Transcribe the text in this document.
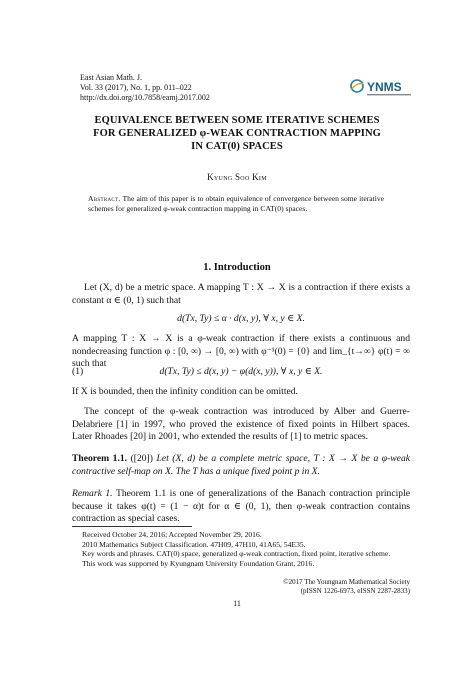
East Asian Math. J.
Vol. 33 (2017), No. 1, pp. 011–022
http://dx.doi.org/10.7858/eamj.2017.002
YNMS
EQUIVALENCE BETWEEN SOME ITERATIVE SCHEMES
FOR GENERALIZED φ-WEAK CONTRACTION MAPPING
IN CAT(0) SPACES
Kyung Soo Kim
Abstract. The aim of this paper is to obtain equivalence of convergence between some iterative schemes for generalized φ-weak contraction mapping in CAT(0) spaces.
1. Introduction
Let (X, d) be a metric space. A mapping T : X → X is a contraction if there exists a constant α ∈ (0, 1) such that
d(Tx, Ty) ≤ α · d(x, y), ∀ x, y ∈ X.
A mapping T : X → X is a φ-weak contraction if there exists a continuous and nondecreasing function φ : [0, ∞) → [0, ∞) with φ⁻¹(0) = {0} and lim_{t→∞} φ(t) = ∞ such that
(1)	d(Tx, Ty) ≤ d(x, y) − φ(d(x, y)), ∀ x, y ∈ X.
If X is bounded, then the infinity condition can be omitted.
The concept of the φ-weak contraction was introduced by Alber and Guerre-Delabriere [1] in 1997, who proved the existence of fixed points in Hilbert spaces. Later Rhoades [20] in 2001, who extended the results of [1] to metric spaces.
Theorem 1.1. ([20]) Let (X, d) be a complete metric space, T : X → X be a φ-weak contractive self-map on X. The T has a unique fixed point p in X.
Remark 1. Theorem 1.1 is one of generalizations of the Banach contraction principle because it takes φ(t) = (1 − α)t for α ∈ (0, 1), then φ-weak contraction contains contraction as special cases.
Received October 24, 2016; Accepted November 29, 2016.
2010 Mathematics Subject Classification. 47H09, 47H10, 41A65, 54E35.
Key words and phrases. CAT(0) space, generalized φ-weak contraction, fixed point, iterative scheme.
This work was supported by Kyungnam University Foundation Grant, 2016.
©2017 The Youngnam Mathematical Society
(pISSN 1226-6973, eISSN 2287-2833)
11
